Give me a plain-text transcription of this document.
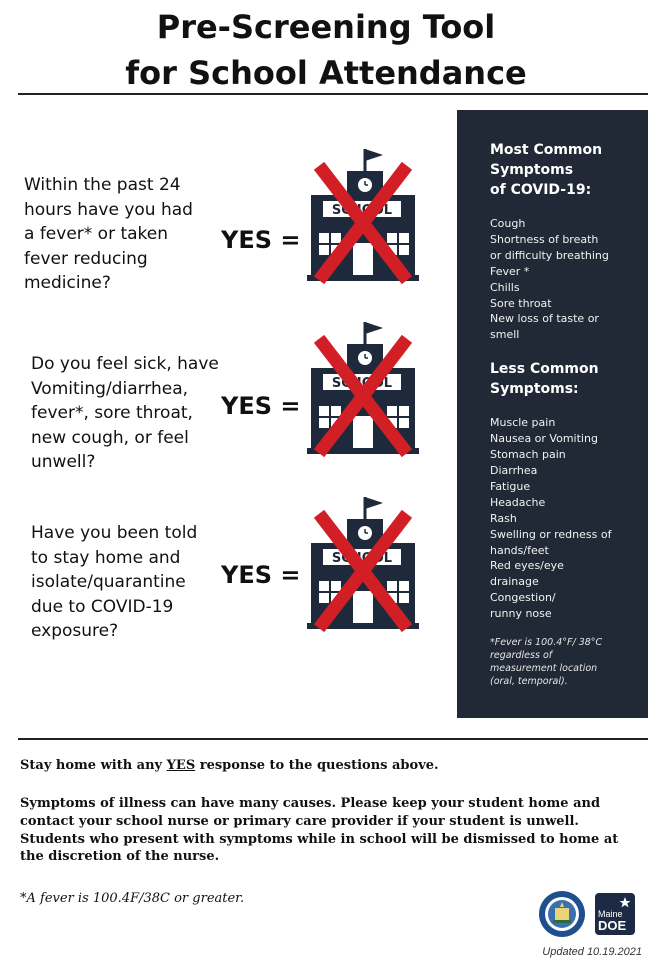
Pre-Screening Tool
for School Attendance
Within the past 24
hours have you had
a fever* or taken
fever reducing
medicine?
YES =
SCHOOL
Do you feel sick, have
Vomiting/diarrhea,
fever*, sore throat,
new cough, or feel
unwell?
YES =
SCHOOL
Have you been told
to stay home and
isolate/quarantine
due to COVID-19
exposure?
YES =
SCHOOL
Most Common
Symptoms
of COVID-19:
Cough
Shortness of breath
or difficulty breathing
Fever *
Chills
Sore throat
New loss of taste or
smell
Less Common
Symptoms:
Muscle pain
Nausea or Vomiting
Stomach pain
Diarrhea
Fatigue
Headache
Rash
Swelling or redness of
hands/feet
Red eyes/eye
drainage
Congestion/
runny nose
*Fever is 100.4°F/ 38°C
regardless of
measurement location
(oral, temporal).
Stay home with any YES response to the questions above.
Symptoms of illness can have many causes. Please keep your student home and contact your school nurse or primary care provider if your student is unwell. Students who present with symptoms while in school will be dismissed to home at the discretion of the nurse.
*A fever is 100.4F/38C or greater.
Maine
DOE
Updated 10.19.2021
